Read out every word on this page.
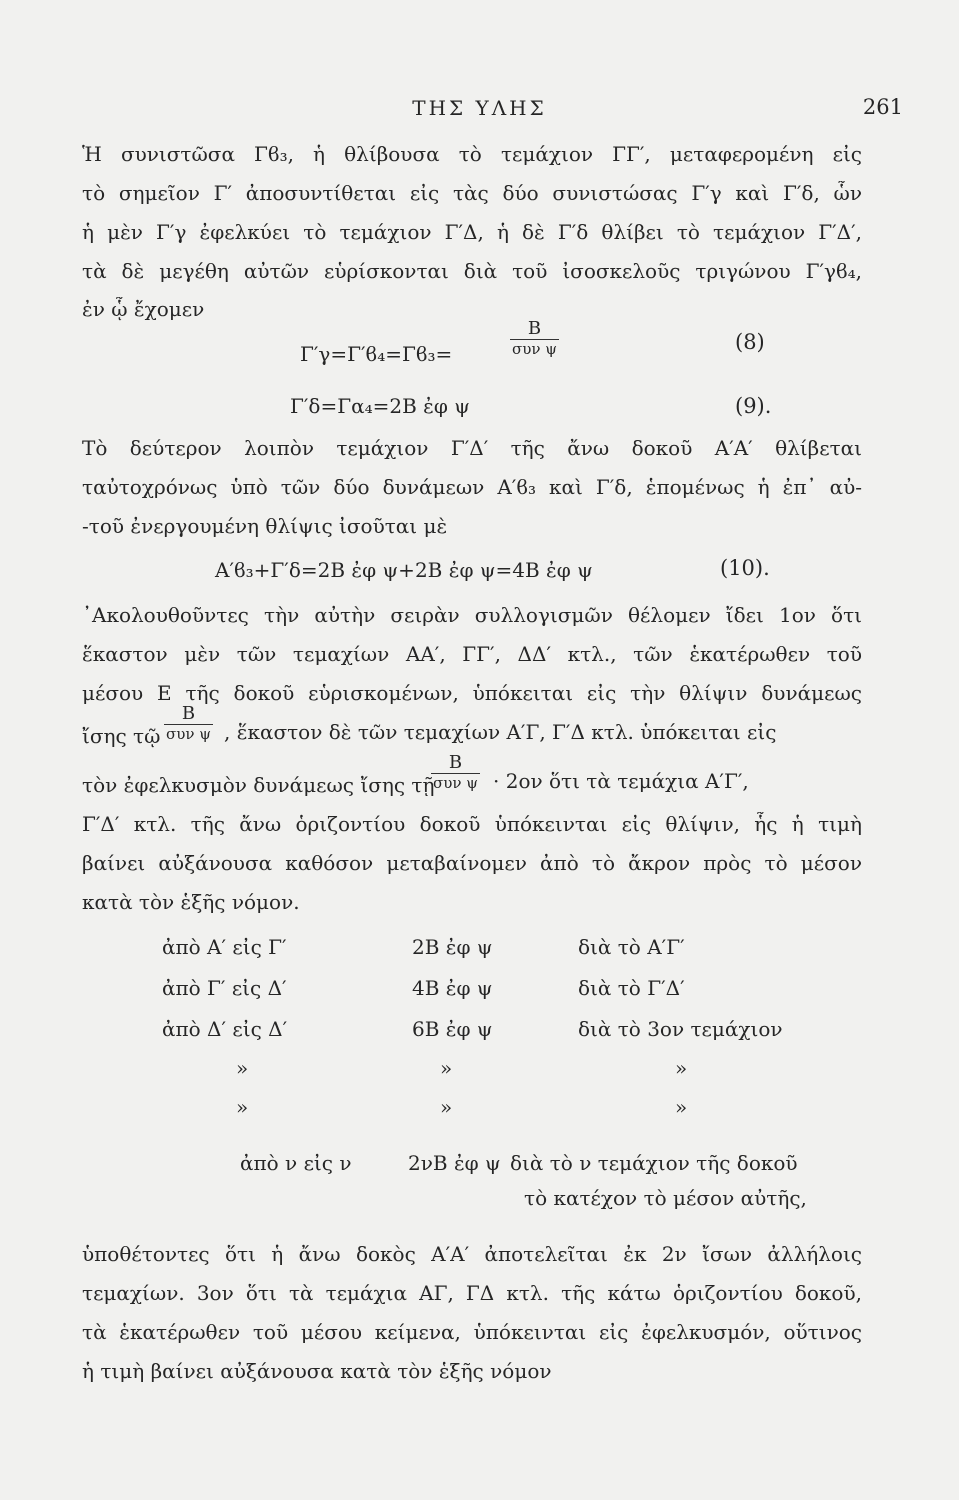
ΤΗΣ ΥΛΗΣ	261
Ἡ συνιστῶσα Γϐ₃, ἡ θλίβουσα τὸ τεμάχιον ΓΓ′, μεταφερομένη εἰς
τὸ σημεῖον Γ′ ἀποσυντίθεται εἰς τὰς δύο συνιστώσας Γ′γ καὶ Γ′δ, ὧν
ἡ μὲν Γ′γ ἐφελκύει τὸ τεμάχιον Γ′Δ, ἡ δὲ Γ′δ θλίβει τὸ τεμάχιον Γ′Δ′,
τὰ δὲ μεγέθη αὐτῶν εὑρίσκονται διὰ τοῦ ἰσοσκελοῦς τριγώνου Γ′γϐ₄,
ἐν ᾧ ἔχομεν
Γ′γ=Γ′ϐ₄=Γϐ₃=
Β
συν ψ	(8)
Γ′δ=Γα₄=2Β ἐφ ψ	(9).
Τὸ δεύτερον λοιπὸν τεμάχιον Γ′Δ′ τῆς ἄνω δοκοῦ Α′Α′ θλίβεται
ταὐτοχρόνως ὑπὸ τῶν δύο δυνάμεων Α′ϐ₃ καὶ Γ′δ, ἑπομένως ἡ ἐπ᾽ αὐ-
-τοῦ ἐνεργουμένη θλίψις ἰσοῦται μὲ
Α′ϐ₃+Γ′δ=2Β ἐφ ψ+2Β ἐφ ψ=4Β ἐφ ψ	(10).
᾿Ακολουθοῦντες τὴν αὐτὴν σειρὰν συλλογισμῶν θέλομεν ἴδει 1ον ὅτι
ἕκαστον μὲν τῶν τεμαχίων ΑΑ′, ΓΓ′, ΔΔ′ κτλ., τῶν ἑκατέρωθεν τοῦ
μέσου Ε τῆς δοκοῦ εὑρισκομένων, ὑπόκειται εἰς τὴν θλίψιν δυνάμεως
ἴσης τῷ
Β
συν ψ , ἕκαστον δὲ τῶν τεμαχίων Α′Γ, Γ′Δ κτλ. ὑπόκειται εἰς
τὸν ἐφελκυσμὸν δυνάμεως ἴσης τῇ
Β
συν ψ · 2ον ὅτι τὰ τεμάχια Α′Γ′,
Γ′Δ′ κτλ. τῆς ἄνω ὁριζοντίου δοκοῦ ὑπόκεινται εἰς θλίψιν, ἧς ἡ τιμὴ
βαίνει αὐξάνουσα καθόσον μεταβαίνομεν ἀπὸ τὸ ἄκρον πρὸς τὸ μέσον
κατὰ τὸν ἑξῆς νόμον.
ἀπὸ Α′ εἰς Γ′	2Β ἐφ ψ	διὰ τὸ Α′Γ′
ἀπὸ Γ′ εἰς Δ′	4Β ἐφ ψ	διὰ τὸ Γ′Δ′
ἀπὸ Δ′ εἰς Δ′	6Β ἐφ ψ	διὰ τὸ 3ον τεμάχιον
»	»	»
»	»	»
ἀπὸ ν εἰς ν	2νΒ ἐφ ψ διὰ τὸ ν τεμάχιον τῆς δοκοῦ
τὸ κατέχον τὸ μέσον αὐτῆς,
ὑποθέτοντες ὅτι ἡ ἄνω δοκὸς Α′Α′ ἀποτελεῖται ἐκ 2ν ἴσων ἀλλήλοις
τεμαχίων. 3ον ὅτι τὰ τεμάχια ΑΓ, ΓΔ κτλ. τῆς κάτω ὁριζοντίου δοκοῦ,
τὰ ἑκατέρωθεν τοῦ μέσου κείμενα, ὑπόκεινται εἰς ἐφελκυσμόν, οὕτινος
ἡ τιμὴ βαίνει αὐξάνουσα κατὰ τὸν ἑξῆς νόμον
